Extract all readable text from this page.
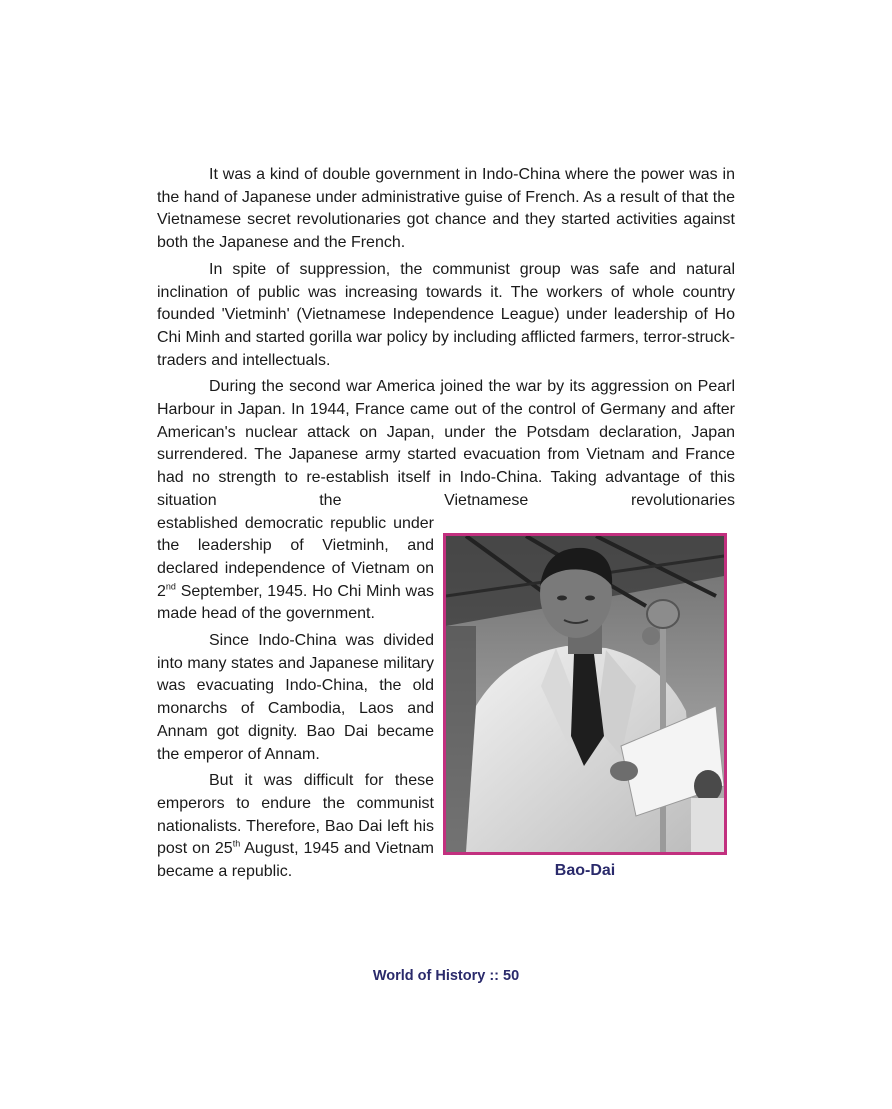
It was a kind of double government in Indo-China where the power was in the hand of Japanese under administrative guise of French. As a result of that the Vietnamese secret revolutionaries got chance and they started activities against both the Japanese and the French.

In spite of suppression, the communist group was safe and natural inclination of public was increasing towards it. The workers of whole country founded 'Vietminh' (Vietnamese Independence League) under leadership of Ho Chi Minh and started gorilla war policy by including afflicted farmers, terror-struck-traders and intellectuals.

During the second war America joined the war by its aggression on Pearl Harbour in Japan. In 1944, France came out of the control of Germany and after American's nuclear attack on Japan, under the Potsdam declaration, Japan surrendered. The Japanese army started evacuation from Vietnam and France had no strength to re-establish itself in Indo-China. Taking advantage of this situation the Vietnamese revolutionaries

established democratic republic under the leadership of Vietminh, and declared independence of Vietnam on 2nd September, 1945. Ho Chi Minh was made head of the government.

Since Indo-China was divided into many states and Japanese military was evacuating Indo-China, the old monarchs of Cambodia, Laos and Annam got dignity. Bao Dai became the emperor of Annam.

But it was difficult for these emperors to endure the communist nationalists. Therefore, Bao Dai left his post on 25th August, 1945 and Vietnam became a republic.	Bao-Dai
World of History :: 50
